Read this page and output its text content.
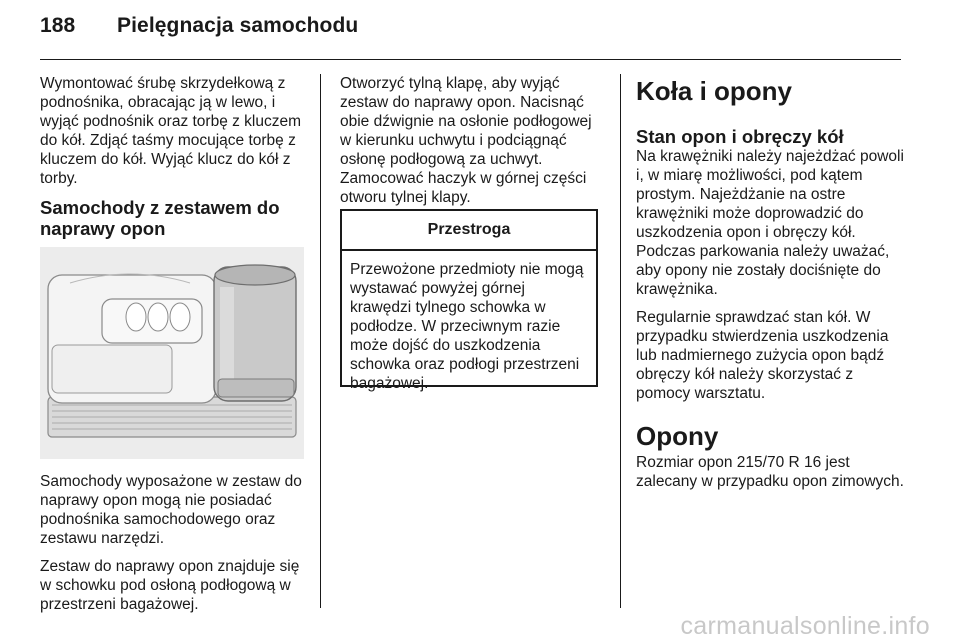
188 Pielęgnacja samochodu

Wymontować śrubę skrzydełkową z podnośnika, obracając ją w lewo, i wyjąć podnośnik oraz torbę z kluczem do kół. Zdjąć taśmy mocujące torbę z kluczem do kół. Wyjąć klucz do kół z torby.

Samochody z zestawem do naprawy opon

Samochody wyposażone w zestaw do naprawy opon mogą nie posiadać podnośnika samochodowego oraz zestawu narzędzi.

Zestaw do naprawy opon znajduje się w schowku pod osłoną podłogową w przestrzeni bagażowej.

Otworzyć tylną klapę, aby wyjąć zestaw do naprawy opon. Nacisnąć obie dźwignie na osłonie podłogowej w kierunku uchwytu i podciągnąć osłonę podłogową za uchwyt. Zamocować haczyk w górnej części otworu tylnej klapy.

Przestroga
Przewożone przedmioty nie mogą wystawać powyżej górnej krawędzi tylnego schowka w podłodze. W przeciwnym razie może dojść do uszkodzenia schowka oraz podłogi przestrzeni bagażowej.
Koła i opony
Stan opon i obręczy kół

Na krawężniki należy najeżdżać powoli i, w miarę możliwości, pod kątem prostym. Najeżdżanie na ostre krawężniki może doprowadzić do uszkodzenia opon i obręczy kół. Podczas parkowania należy uważać, aby opony nie zostały dociśnięte do krawężnika.

Regularnie sprawdzać stan kół. W przypadku stwierdzenia uszkodzenia lub nadmiernego zużycia opon bądź obręczy kół należy skorzystać z pomocy warsztatu.

Opony

Rozmiar opon 215/70 R 16 jest zalecany w przypadku opon zimowych.

carmanualsonline.info
